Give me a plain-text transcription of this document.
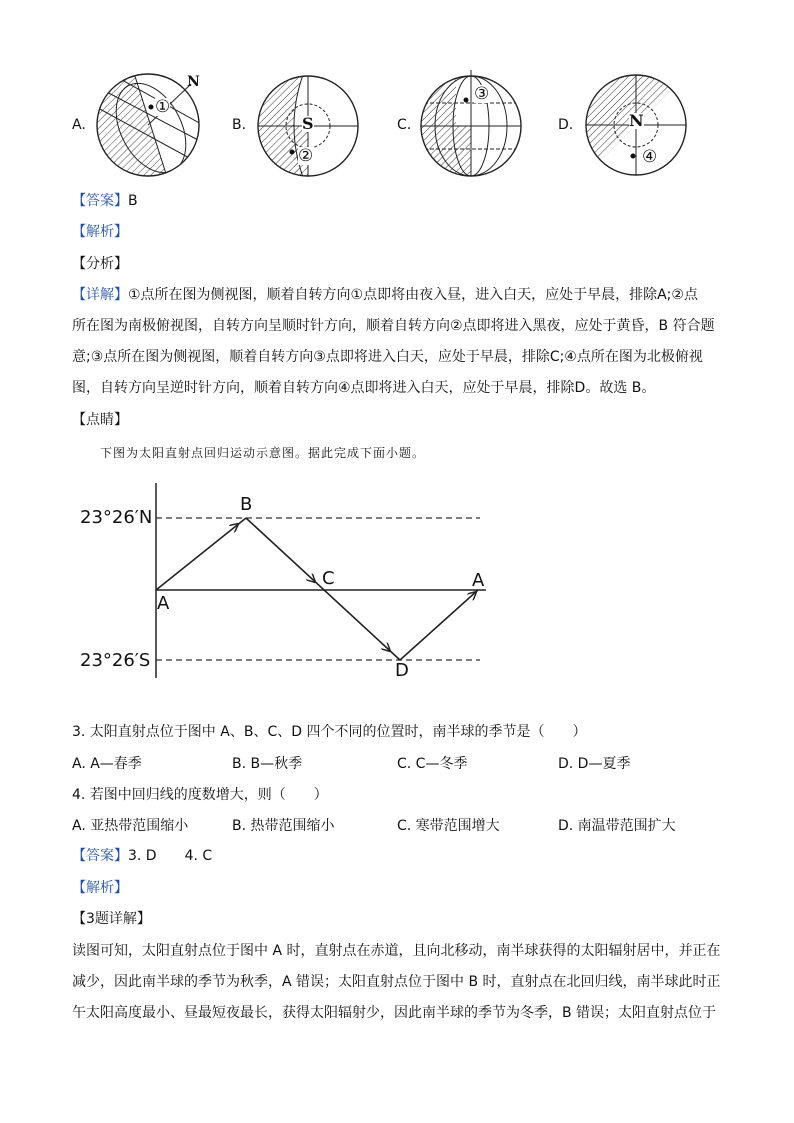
A.
N
①
B.	S
②
C.
③
D.	N
④
【答案】B
【解析】
【分析】
【详解】①点所在图为侧视图，顺着自转方向①点即将由夜入昼，进入白天，应处于早晨，排除A;②点
所在图为南极俯视图，自转方向呈顺时针方向，顺着自转方向②点即将进入黑夜，应处于黄昏，B 符合题
意;③点所在图为侧视图，顺着自转方向③点即将进入白天，应处于早晨，排除C;④点所在图为北极俯视
图，自转方向呈逆时针方向，顺着自转方向④点即将进入白天，应处于早晨，排除D。故选 B。
【点睛】
下图为太阳直射点回归运动示意图。据此完成下面小题。
23°26′N
23°26′S
A
B
C
D
A
3. 太阳直射点位于图中 A、B、C、D 四个不同的位置时，南半球的季节是（　　）
A. A—春季	B. B—秋季	C. C—冬季	D. D—夏季
4. 若图中回归线的度数增大，则（　　）
A. 亚热带范围缩小	B. 热带范围缩小	C. 寒带范围增大	D. 南温带范围扩大
【答案】3. D　　4. C
【解析】
【3题详解】
读图可知，太阳直射点位于图中 A 时，直射点在赤道，且向北移动，南半球获得的太阳辐射居中，并正在
减少，因此南半球的季节为秋季，A 错误；太阳直射点位于图中 B 时，直射点在北回归线，南半球此时正
午太阳高度最小、昼最短夜最长，获得太阳辐射少，因此南半球的季节为冬季，B 错误；太阳直射点位于
